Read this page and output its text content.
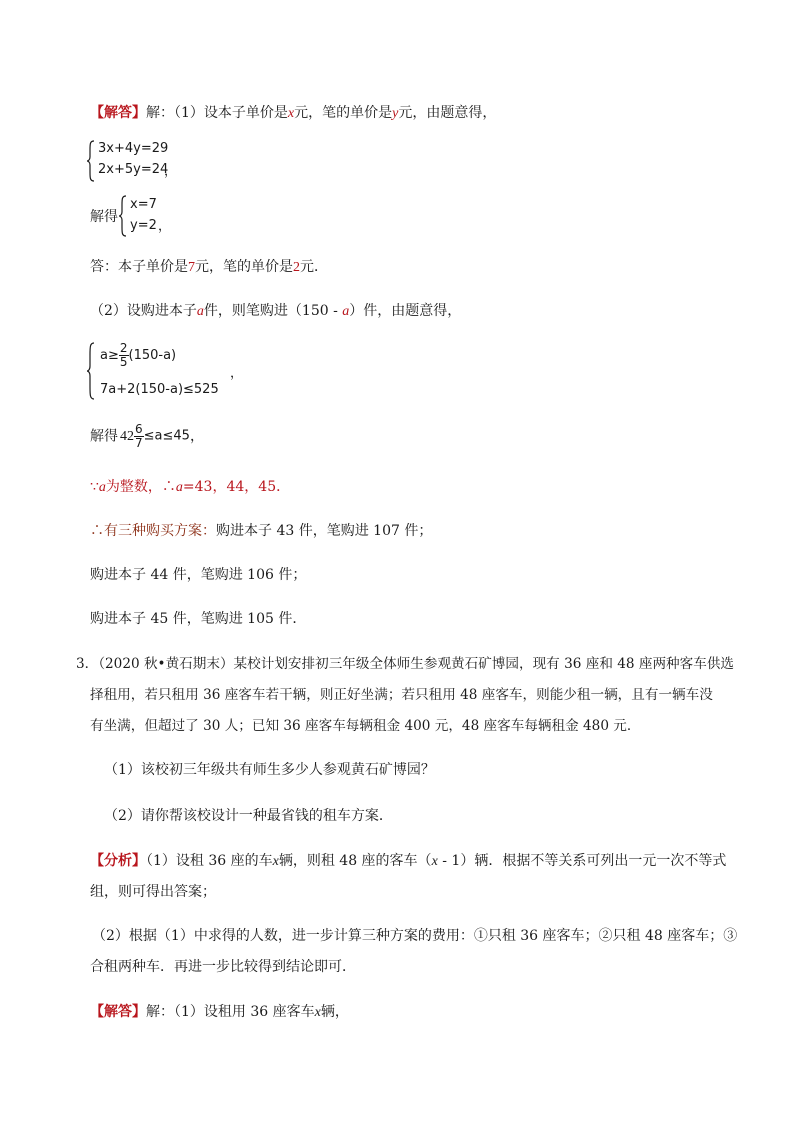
【解答】解：（1）设本子单价是x元，笔的单价是y元，由题意得，
3x+4y=29
2x+5y=24
，
解得
x=7
y=2 ，
答：本子单价是7元，笔的单价是2元．
（2）设购进本子a件，则笔购进（150 - a）件，由题意得，
$a\ge \frac{2}{5} (150-a)$
7a+2(150-a)≤525
，
解得 $42 \frac{6}{7} \le a\le 45$，
∵a为整数，∴a=43，44，45．
∴有三种购买方案：购进本子 43 件，笔购进 107 件；
购进本子 44 件，笔购进 106 件；
购进本子 45 件，笔购进 105 件．
3．（2020 秋•黄石期末）某校计划安排初三年级全体师生参观黄石矿博园，现有 36 座和 48 座两种客车供选
择租用，若只租用 36 座客车若干辆，则正好坐满；若只租用 48 座客车，则能少租一辆，且有一辆车没
有坐满，但超过了 30 人；已知 36 座客车每辆租金 400 元，48 座客车每辆租金 480 元．
（1）该校初三年级共有师生多少人参观黄石矿博园？
（2）请你帮该校设计一种最省钱的租车方案．
【分析】（1）设租 36 座的车x辆，则租 48 座的客车（x - 1）辆．根据不等关系可列出一元一次不等式
组，则可得出答案；
（2）根据（1）中求得的人数，进一步计算三种方案的费用：①只租 36 座客车；②只租 48 座客车；③
合租两种车．再进一步比较得到结论即可．
【解答】解：（1）设租用 36 座客车x辆，
